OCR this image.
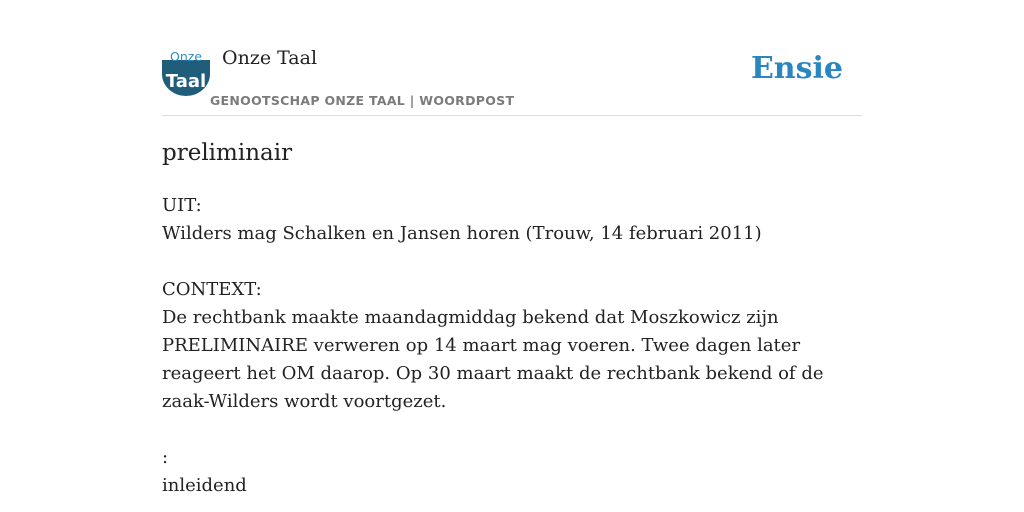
Onze
Taal
Onze Taal
GENOOTSCHAP ONZE TAAL | WOORDPOST
Ensie
preliminair

UIT:

Wilders mag Schalken en Jansen horen (Trouw, 14 februari 2011)

CONTEXT:

De rechtbank maakte maandagmiddag bekend dat Moszkowicz zijn PRELIMINAIRE verweren op 14 maart mag voeren. Twee dagen later reageert het OM daarop. Op 30 maart maakt de rechtbank bekend of de zaak-Wilders wordt voortgezet.

:

inleidend
